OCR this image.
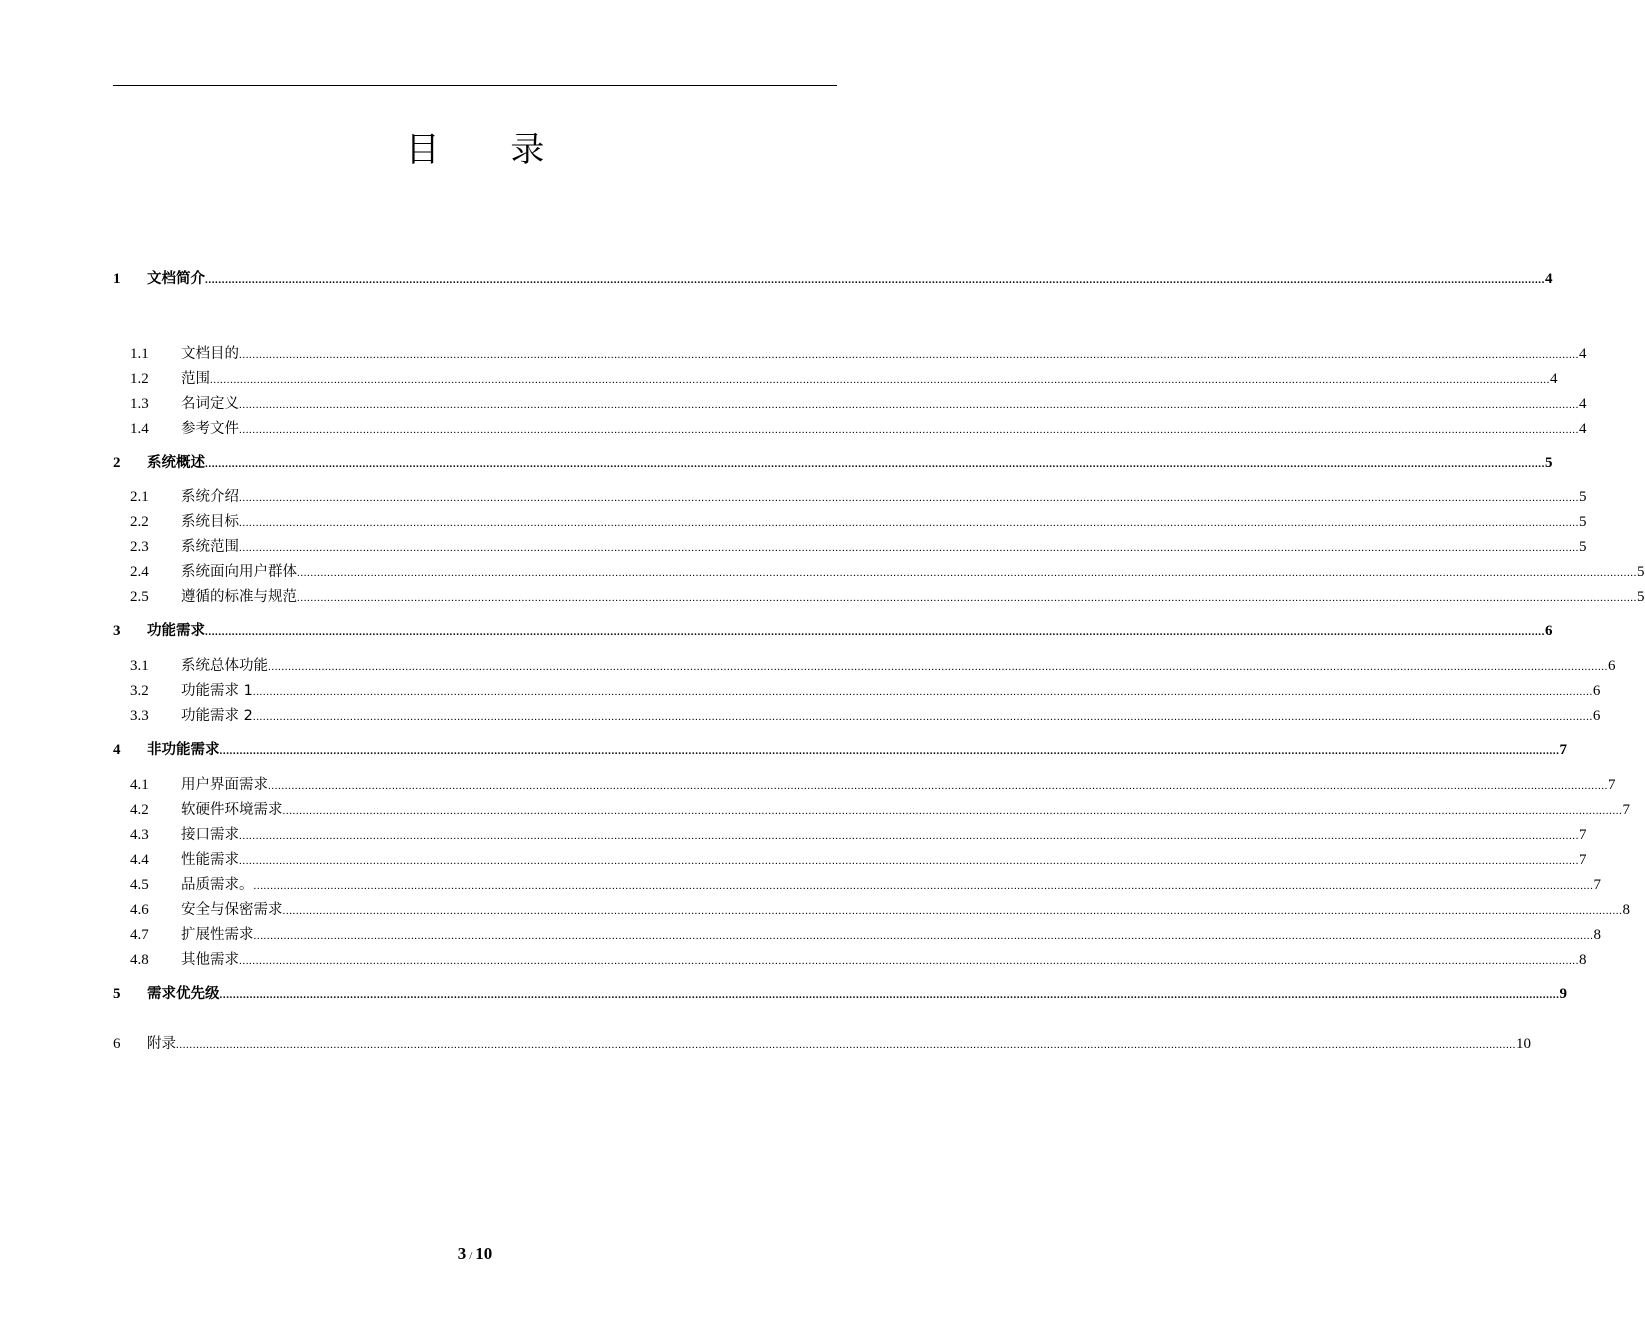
目 录
1 文档简介 ................................................................................................................................................................................................................................................................................................................................................................................................................ 4
1.1 文档目的 ................................................................................................................................................................................................................................................................................................................................................................................................................ 4
1.2 范围 ................................................................................................................................................................................................................................................................................................................................................................................................................ 4
1.3 名词定义 ................................................................................................................................................................................................................................................................................................................................................................................................................ 4
1.4 参考文件 ................................................................................................................................................................................................................................................................................................................................................................................................................ 4
2 系统概述 ................................................................................................................................................................................................................................................................................................................................................................................................................ 5
2.1 系统介绍 ................................................................................................................................................................................................................................................................................................................................................................................................................ 5
2.2 系统目标 ................................................................................................................................................................................................................................................................................................................................................................................................................ 5
2.3 系统范围 ................................................................................................................................................................................................................................................................................................................................................................................................................ 5
2.4 系统面向用户群体 ................................................................................................................................................................................................................................................................................................................................................................................................................ 5
2.5 遵循的标准与规范 ................................................................................................................................................................................................................................................................................................................................................................................................................ 5
3 功能需求 ................................................................................................................................................................................................................................................................................................................................................................................................................ 6
3.1 系统总体功能 ................................................................................................................................................................................................................................................................................................................................................................................................................ 6
3.2 功能需求 1 ................................................................................................................................................................................................................................................................................................................................................................................................................ 6
3.3 功能需求 2 ................................................................................................................................................................................................................................................................................................................................................................................................................ 6
4 非功能需求 ................................................................................................................................................................................................................................................................................................................................................................................................................ 7
4.1 用户界面需求 ................................................................................................................................................................................................................................................................................................................................................................................................................ 7
4.2 软硬件环境需求 ................................................................................................................................................................................................................................................................................................................................................................................................................ 7
4.3 接口需求 ................................................................................................................................................................................................................................................................................................................................................................................................................ 7
4.4 性能需求 ................................................................................................................................................................................................................................................................................................................................................................................................................ 7
4.5 品质需求。 ................................................................................................................................................................................................................................................................................................................................................................................................................ 7
4.6 安全与保密需求 ................................................................................................................................................................................................................................................................................................................................................................................................................ 8
4.7 扩展性需求 ................................................................................................................................................................................................................................................................................................................................................................................................................ 8
4.8 其他需求 ................................................................................................................................................................................................................................................................................................................................................................................................................ 8
5 需求优先级 ................................................................................................................................................................................................................................................................................................................................................................................................................ 9
6 附录 ................................................................................................................................................................................................................................................................................................................................................................................................................ 10
3 / 10
